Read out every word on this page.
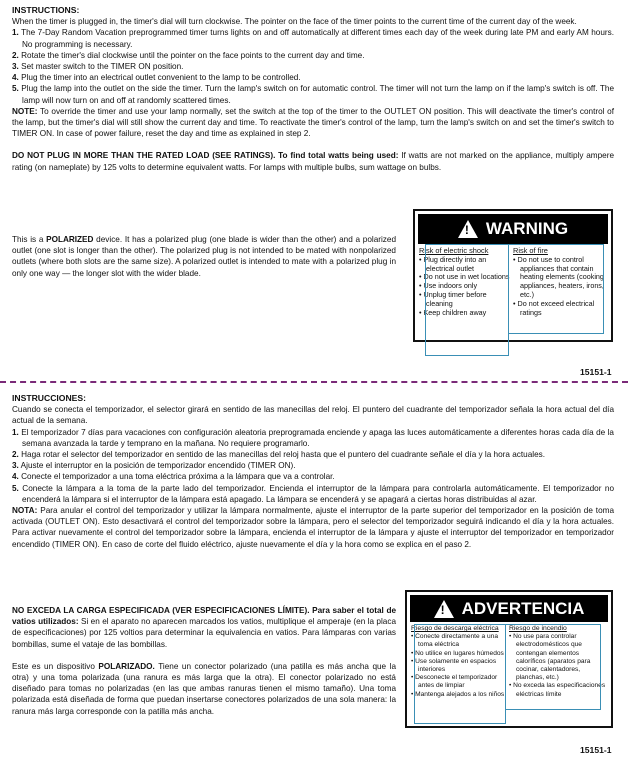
INSTRUCTIONS:

When the timer is plugged in, the timer's dial will turn clockwise. The pointer on the face of the timer points to the current time of the current day of the week.

1. The 7-Day Random Vacation preprogrammed timer turns lights on and off automatically at different times each day of the week during late PM and early AM hours. No programming is necessary.

2. Rotate the timer's dial clockwise until the pointer on the face points to the current day and time.

3. Set master switch to the TIMER ON position.

4. Plug the timer into an electrical outlet convenient to the lamp to be controlled.

5. Plug the lamp into the outlet on the side the timer. Turn the lamp's switch on for automatic control. The timer will not turn the lamp on if the lamp's switch is off. The lamp will now turn on and off at randomly scattered times.

NOTE: To override the timer and use your lamp normally, set the switch at the top of the timer to the OUTLET ON position. This will deactivate the timer's control of the lamp, but the timer's dial will still show the current day and time. To reactivate the timer's control of the lamp, turn the lamp's switch on and set the timer's switch to TIMER ON. In case of power failure, reset the day and time as explained in step 2.

DO NOT PLUG IN MORE THAN THE RATED LOAD (SEE RATINGS). To find total watts being used: If watts are not marked on the appliance, multiply ampere rating (on nameplate) by 125 volts to determine equivalent watts. For lamps with multiple bulbs, sum wattage on bulbs.

This is a POLARIZED device. It has a polarized plug (one blade is wider than the other) and a polarized outlet (one slot is longer than the other). The polarized plug is not intended to be mated with nonpolarized outlets (where both slots are the same size). A polarized outlet is intended to mate with a polarized plug in only one way — the longer slot with the wider blade.

! WARNING
Risk of electric shock
• Plug directly into an electrical outlet
• Do not use in wet locations
• Use indoors only
• Unplug timer before cleaning
• Keep children away
Risk of fire
• Do not use to control appliances that contain heating elements (cooking appliances, heaters, irons, etc.)
• Do not exceed electrical ratings
15151-1

INSTRUCCIONES:

Cuando se conecta el temporizador, el selector girará en sentido de las manecillas del reloj. El puntero del cuadrante del temporizador señala la hora actual del día actual de la semana.

1. El temporizador 7 días para vacaciones con configuración aleatoria preprogramada enciende y apaga las luces automáticamente a diferentes horas cada día de la semana avanzada la tarde y temprano en la mañana. No requiere programarlo.

2. Haga rotar el selector del temporizador en sentido de las manecillas del reloj hasta que el puntero del cuadrante señale el día y la hora actuales.

3. Ajuste el interruptor en la posición de temporizador encendido (TIMER ON).

4. Conecte el temporizador a una toma eléctrica próxima a la lámpara que va a controlar.

5. Conecte la lámpara a la toma de la parte lado del temporizador. Encienda el interruptor de la lámpara para controlarla automáticamente. El temporizador no encenderá la lámpara si el interruptor de la lámpara está apagado. La lámpara se encenderá y se apagará a ciertas horas distribuidas al azar.

NOTA: Para anular el control del temporizador y utilizar la lámpara normalmente, ajuste el interruptor de la parte superior del temporizador en la posición de toma activada (OUTLET ON). Esto desactivará el control del temporizador sobre la lámpara, pero el selector del temporizador seguirá indicando el día y la hora actuales. Para activar nuevamente el control del temporizador sobre la lámpara, encienda el interruptor de la lámpara y ajuste el interruptor del temporizador en temporizador encendido (TIMER ON). En caso de corte del fluido eléctrico, ajuste nuevamente el día y la hora como se explica en el paso 2.

NO EXCEDA LA CARGA ESPECIFICADA (VER ESPECIFICACIONES LÍMITE). Para saber el total de vatios utilizados: Si en el aparato no aparecen marcados los vatios, multiplique el amperaje (en la placa de especificaciones) por 125 voltios para determinar la equivalencia en vatios. Para lámparas con varias bombillas, sume el vataje de las bombillas.

Este es un dispositivo POLARIZADO. Tiene un conector polarizado (una patilla es más ancha que la otra) y una toma polarizada (una ranura es más larga que la otra). El conector polarizado no está diseñado para tomas no polarizadas (en las que ambas ranuras tienen el mismo tamaño). Una toma polarizada está diseñada de forma que puedan insertarse conectores polarizados de una sola manera: la ranura más larga corresponde con la patilla más ancha.

! ADVERTENCIA
Riesgo de descarga eléctrica
• Conecte directamente a una toma eléctrica
• No utilice en lugares húmedos
• Use solamente en espacios interiores
• Desconecte el temporizador antes de limpiar
• Mantenga alejados a los niños
Riesgo de incendio
• No use para controlar electrodomésticos que contengan elementos caloríficos (aparatos para cocinar, calentadores, planchas, etc.)
• No exceda las especificaciones eléctricas límite
15151-1
